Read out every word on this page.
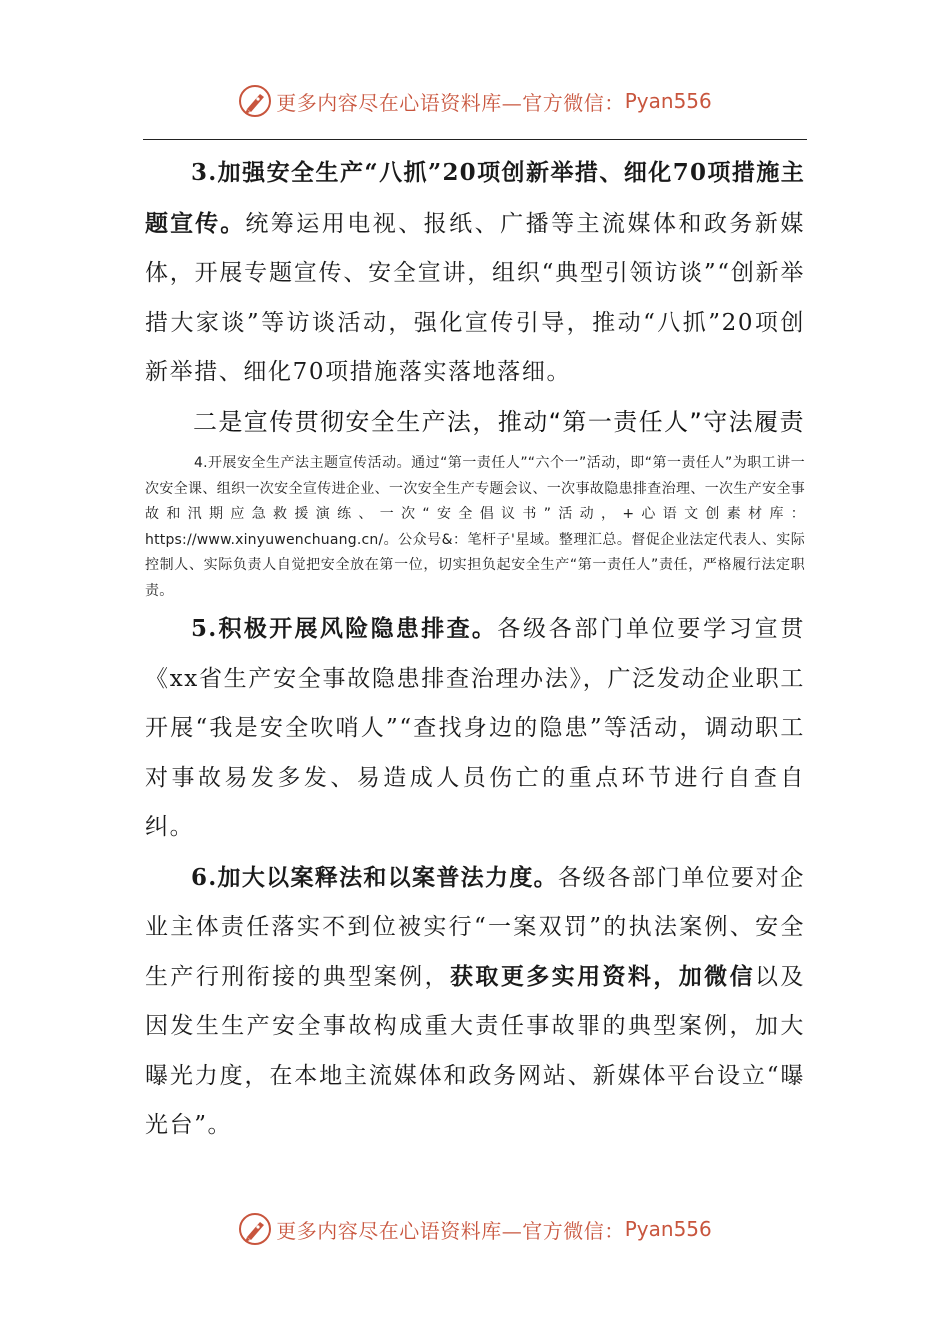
更多内容尽在心语资料库—官方微信： Pyan556

3.加强安全生产“八抓”20项创新举措、细化70项措施主题宣传。统筹运用电视、报纸、广播等主流媒体和政务新媒体，开展专题宣传、安全宣讲，组织“典型引领访谈”“创新举措大家谈”等访谈活动，强化宣传引导，推动“八抓”20项创新举措、细化70项措施落实落地落细。

二是宣传贯彻安全生产法，推动“第一责任人”守法履责

4.开展安全生产法主题宣传活动。通过“第一责任人”“六个一”活动，即“第一责任人”为职工讲一次安全课、组织一次安全宣传进企业、一次安全生产专题会议、一次事故隐患排查治理、一次生产安全事故和汛期应急救援演练、一次“安全倡议书”活动，+心语文创素材库：https://www.xinyuwenchuang.cn/。公众号&：笔杆子'星域。整理汇总。督促企业法定代表人、实际控制人、实际负责人自觉把安全放在第一位，切实担负起安全生产“第一责任人”责任，严格履行法定职责。

5.积极开展风险隐患排查。各级各部门单位要学习宣贯《xx省生产安全事故隐患排查治理办法》，广泛发动企业职工开展“我是安全吹哨人”“查找身边的隐患”等活动，调动职工对事故易发多发、易造成人员伤亡的重点环节进行自查自纠。

6.加大以案释法和以案普法力度。各级各部门单位要对企业主体责任落实不到位被实行“一案双罚”的执法案例、安全生产行刑衔接的典型案例，获取更多实用资料，加微信以及因发生生产安全事故构成重大责任事故罪的典型案例，加大曝光力度，在本地主流媒体和政务网站、新媒体平台设立“曝光台”。

更多内容尽在心语资料库—官方微信： Pyan556
